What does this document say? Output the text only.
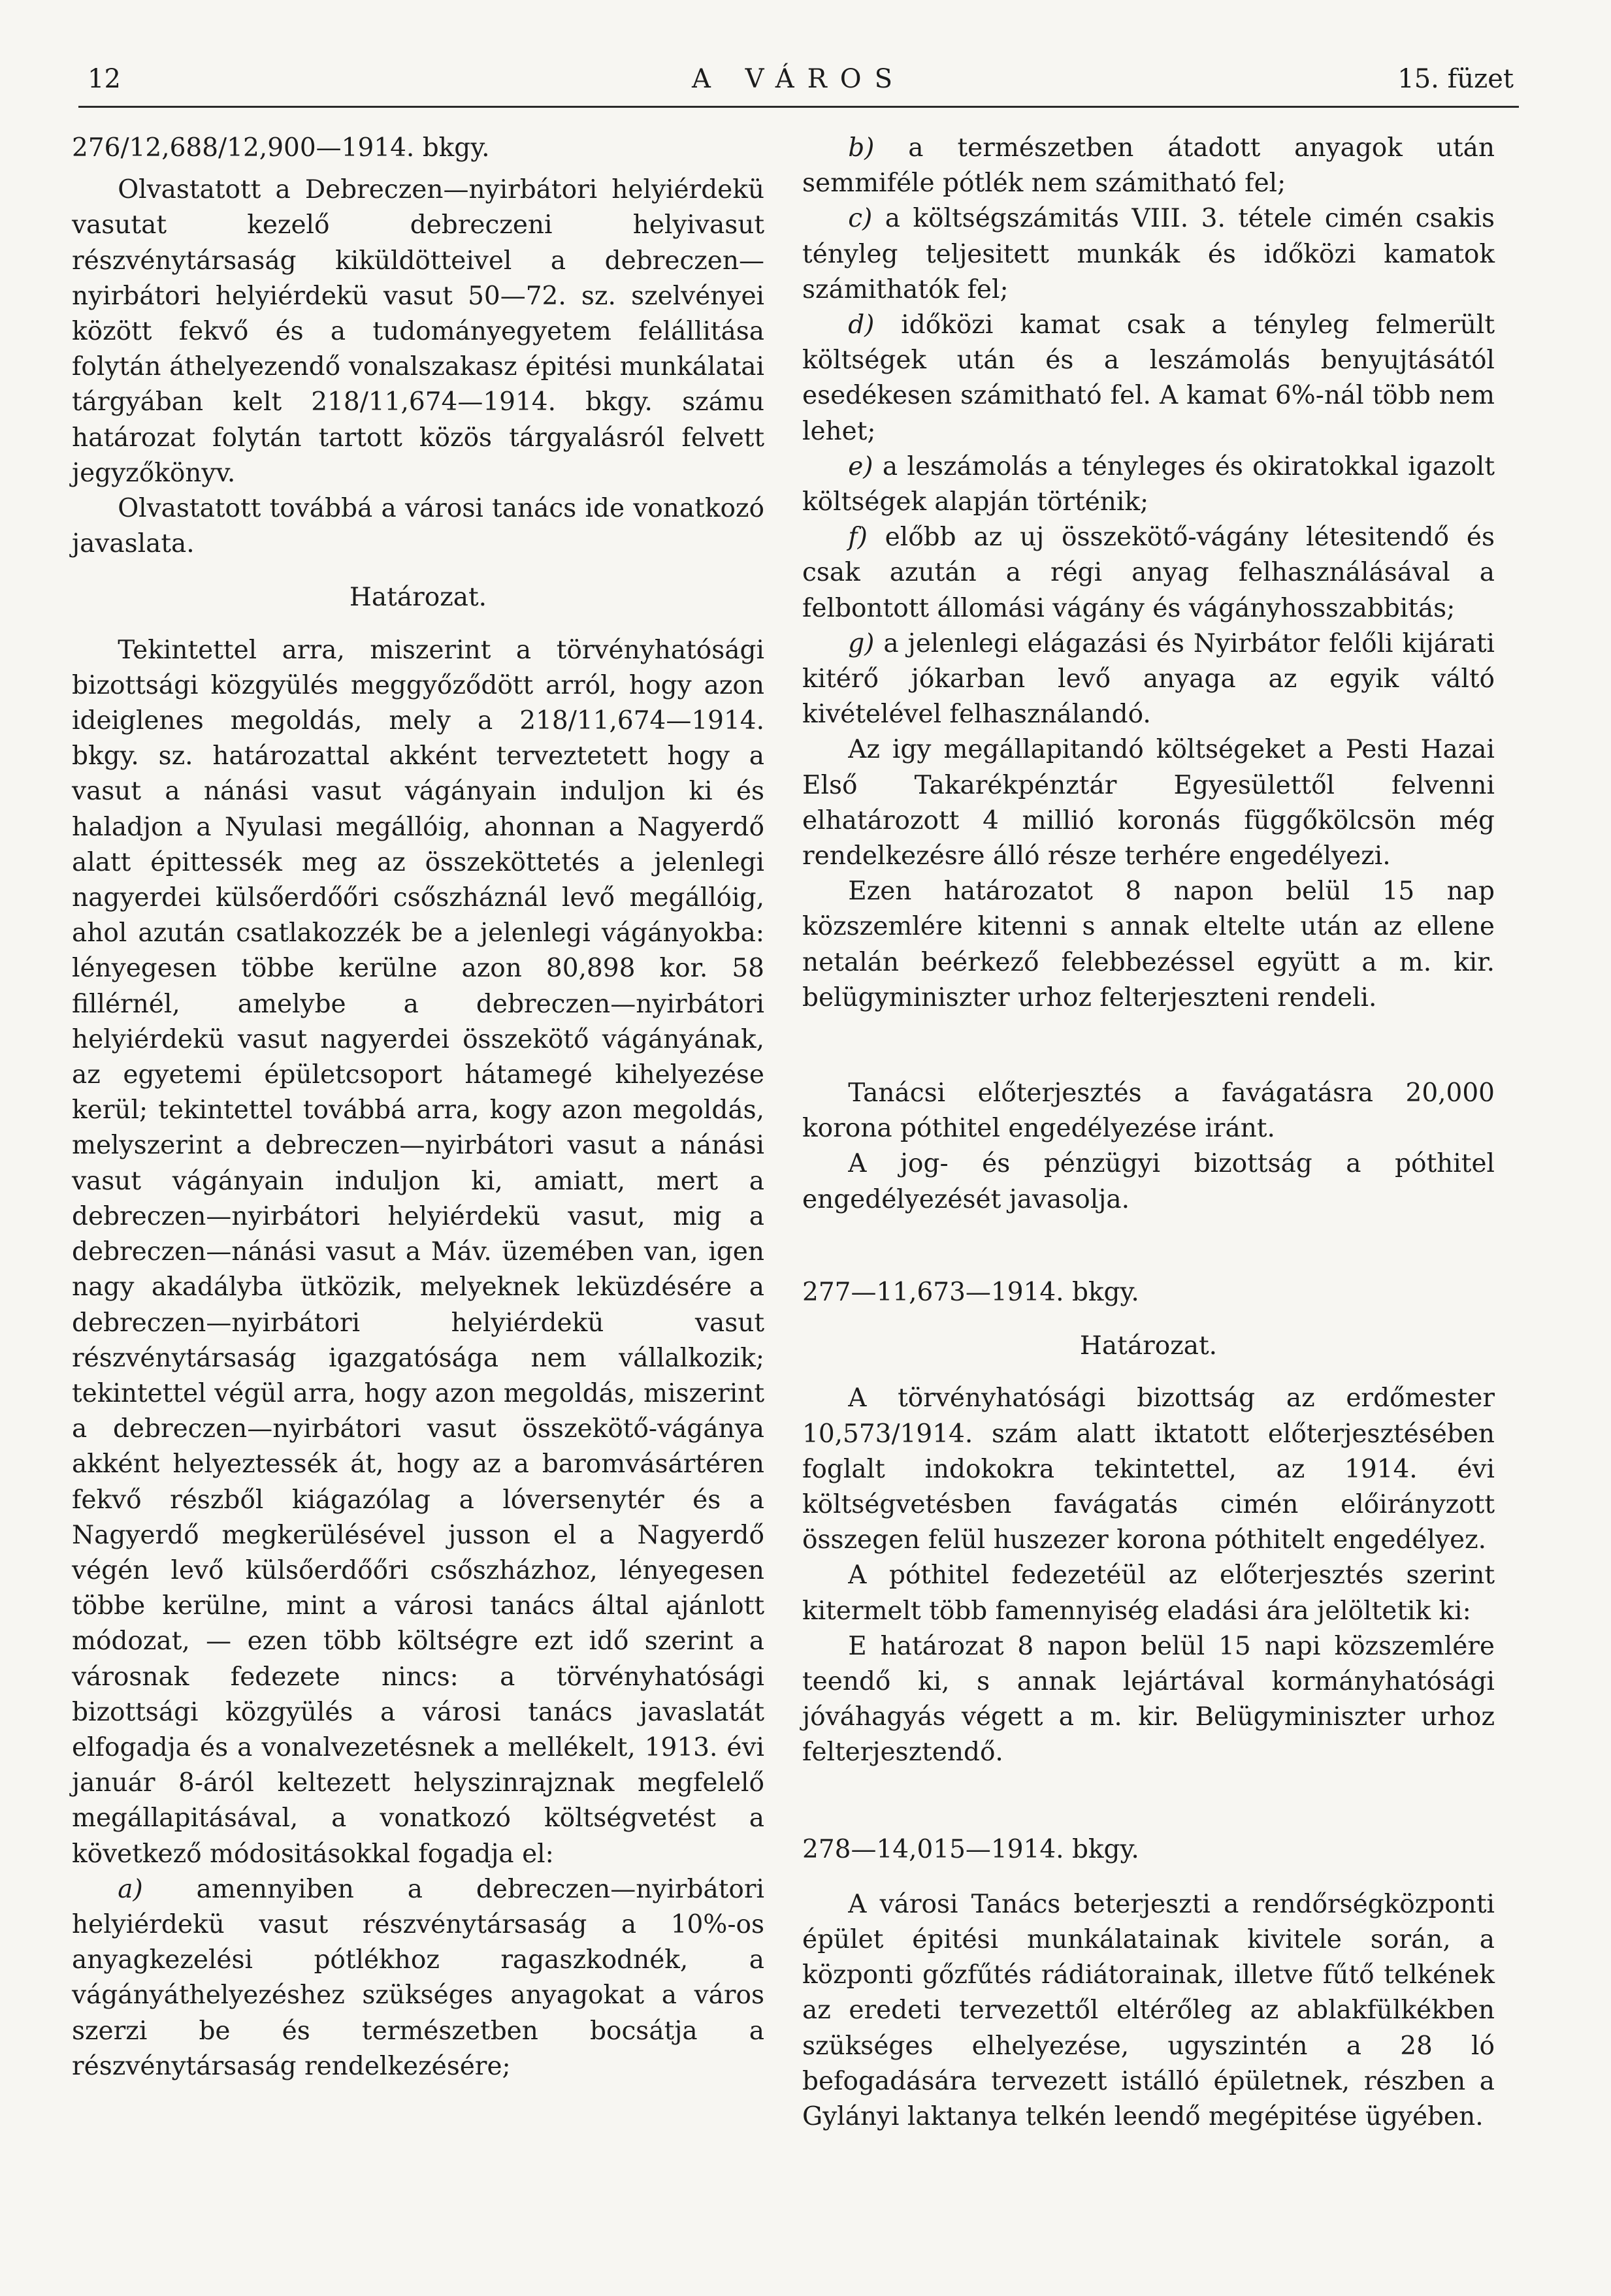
12	A VÁROS	15. füzet

276/12,688/12,900—1914. bkgy.

Olvastatott a Debreczen—nyirbátori helyiérdekü vasutat kezelő debreczeni helyivasut részvénytársaság kiküldötteivel a debreczen—nyirbátori helyiérdekü vasut 50—72. sz. szelvényei között fekvő és a tudományegyetem felállitása folytán áthelyezendő vonalszakasz épitési munkálatai tárgyában kelt 218/11,674—1914. bkgy. számu határozat folytán tartott közös tárgyalásról felvett jegyzőkönyv.

Olvastatott továbbá a városi tanács ide vonatkozó javaslata.

Határozat.

Tekintettel arra, miszerint a törvényhatósági bizottsági közgyülés meggyőződött arról, hogy azon ideiglenes megoldás, mely a 218/11,674—1914. bkgy. sz. határozattal akként terveztetett hogy a vasut a nánási vasut vágányain induljon ki és haladjon a Nyulasi megállóig, ahonnan a Nagyerdő alatt épittessék meg az összeköttetés a jelenlegi nagyerdei külsőerdőőri csőszháznál levő megállóig, ahol azután csatlakozzék be a jelenlegi vágányokba: lényegesen többe kerülne azon 80,898 kor. 58 fillérnél, amelybe a debreczen—nyirbátori helyiérdekü vasut nagyerdei összekötő vágányának, az egyetemi épületcsoport hátamegé kihelyezése kerül; tekintettel továbbá arra, kogy azon megoldás, melyszerint a debreczen—nyirbátori vasut a nánási vasut vágányain induljon ki, amiatt, mert a debreczen—nyirbátori helyiérdekü vasut, mig a debreczen—nánási vasut a Máv. üzemében van, igen nagy akadályba ütközik, melyeknek leküzdésére a debreczen—nyirbátori helyiérdekü vasut részvénytársaság igazgatósága nem vállalkozik; tekintettel végül arra, hogy azon megoldás, miszerint a debreczen—nyirbátori vasut összekötő-vágánya akként helyeztessék át, hogy az a baromvásártéren fekvő részből kiágazólag a lóversenytér és a Nagyerdő megkerülésével jusson el a Nagyerdő végén levő külsőerdőőri csőszházhoz, lényegesen többe kerülne, mint a városi tanács által ajánlott módozat, — ezen több költségre ezt idő szerint a városnak fedezete nincs: a törvényhatósági bizottsági közgyülés a városi tanács javaslatát elfogadja és a vonalvezetésnek a mellékelt, 1913. évi január 8-áról keltezett helyszinrajznak megfelelő megállapitásával, a vonatkozó költségvetést a következő módositásokkal fogadja el:

a) amennyiben a debreczen—nyirbátori helyiérdekü vasut részvénytársaság a 10%-os anyagkezelési pótlékhoz ragaszkodnék, a vágányáthelyezéshez szükséges anyagokat a város szerzi be és természetben bocsátja a részvénytársaság rendelkezésére;

b) a természetben átadott anyagok után semmiféle pótlék nem számitható fel;

c) a költségszámitás VIII. 3. tétele cimén csakis tényleg teljesitett munkák és időközi kamatok számithatók fel;

d) időközi kamat csak a tényleg felmerült költségek után és a leszámolás benyujtásától esedékesen számitható fel. A kamat 6%-nál több nem lehet;

e) a leszámolás a tényleges és okiratokkal igazolt költségek alapján történik;

f) előbb az uj összekötő-vágány létesitendő és csak azután a régi anyag felhasználásával a felbontott állomási vágány és vágányhosszabbitás;

g) a jelenlegi elágazási és Nyirbátor felőli kijárati kitérő jókarban levő anyaga az egyik váltó kivételével felhasználandó.

Az igy megállapitandó költségeket a Pesti Hazai Első Takarékpénztár Egyesülettől felvenni elhatározott 4 millió koronás függőkölcsön még rendelkezésre álló része terhére engedélyezi.

Ezen határozatot 8 napon belül 15 nap közszemlére kitenni s annak eltelte után az ellene netalán beérkező felebbezéssel együtt a m. kir. belügyminiszter urhoz felterjeszteni rendeli.

Tanácsi előterjesztés a favágatásra 20,000 korona póthitel engedélyezése iránt.

A jog- és pénzügyi bizottság a póthitel engedélyezését javasolja.

277—11,673—1914. bkgy.

Határozat.

A törvényhatósági bizottság az erdőmester 10,573/1914. szám alatt iktatott előterjesztésében foglalt indokokra tekintettel, az 1914. évi költségvetésben favágatás cimén előirányzott összegen felül huszezer korona póthitelt engedélyez.

A póthitel fedezetéül az előterjesztés szerint kitermelt több famennyiség eladási ára jelöltetik ki:

E határozat 8 napon belül 15 napi közszemlére teendő ki, s annak lejártával kormányhatósági jóváhagyás végett a m. kir. Belügyminiszter urhoz felterjesztendő.

278—14,015—1914. bkgy.

A városi Tanács beterjeszti a rendőrségközponti épület épitési munkálatainak kivitele során, a központi gőzfűtés rádiátorainak, illetve fűtő telkének az eredeti tervezettől eltérőleg az ablakfülkékben szükséges elhelyezése, ugyszintén a 28 ló befogadására tervezett istálló épületnek, részben a Gylányi laktanya telkén leendő megépitése ügyében.
